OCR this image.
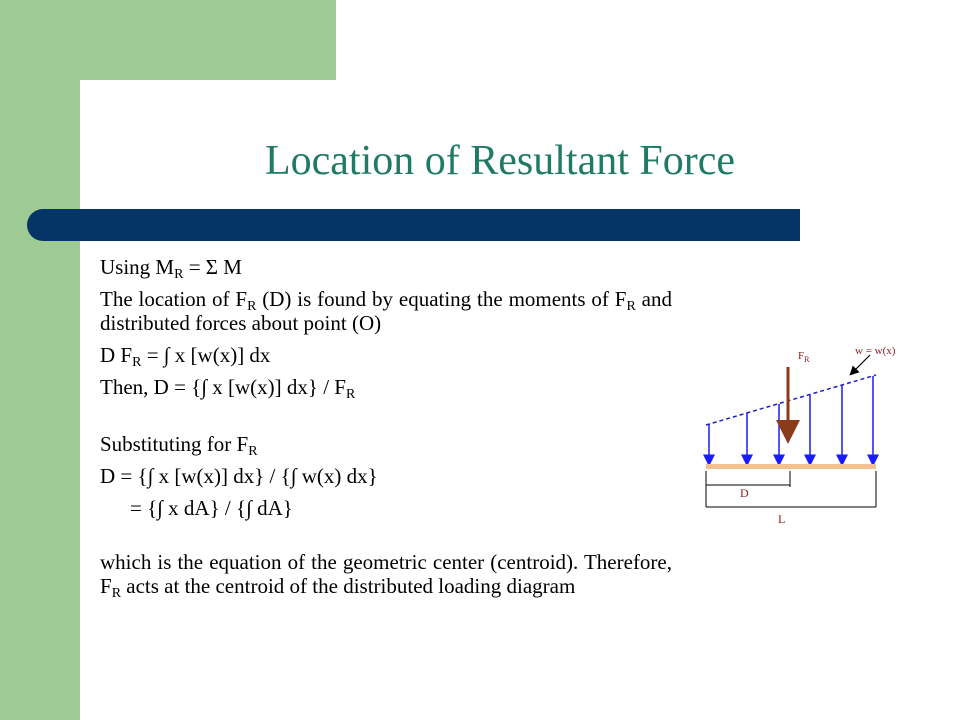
Location of Resultant Force

Using $M_R = \Sigma$ M

The location of $F_R$ (D) is found by equating the moments of $F_R$ and distributed forces about point (O)

D $F_R$ = ∫ x [w(x)] dx

Then, D = {∫ x [w(x)] $dx\} / F_R$

Substituting for $F_R$

D = {∫ x [w(x)] dx} / {∫ w(x) dx}

= {∫ x dA} / {∫ dA}

which is the equation of the geometric center (centroid). Therefore, $F_R$ acts at the centroid of the distributed loading diagram

$F_R$
w = w(x)
D
L
